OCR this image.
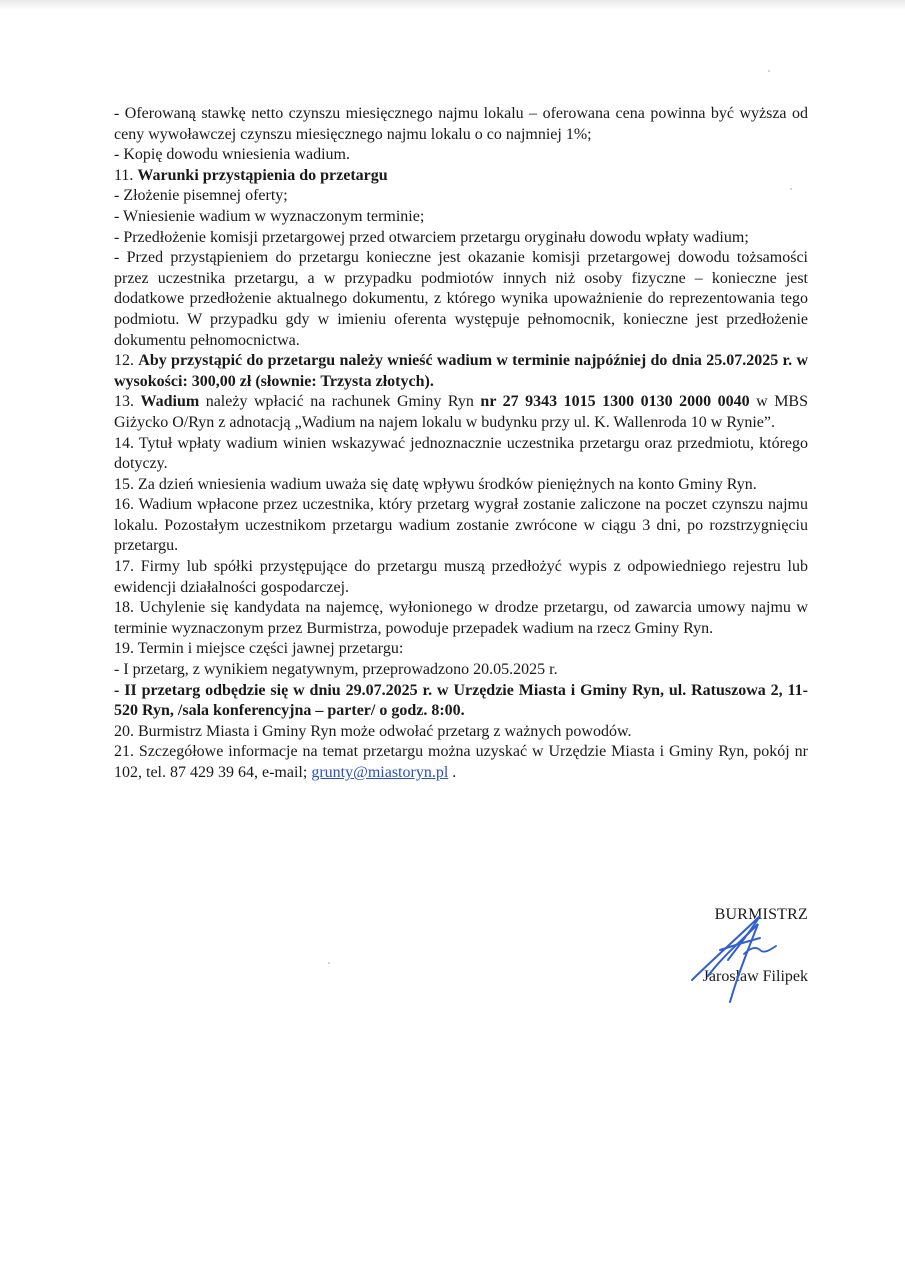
- Oferowaną stawkę netto czynszu miesięcznego najmu lokalu – oferowana cena powinna być wyższa od ceny wywoławczej czynszu miesięcznego najmu lokalu o co najmniej 1%;

- Kopię dowodu wniesienia wadium.

11. Warunki przystąpienia do przetargu

- Złożenie pisemnej oferty;

- Wniesienie wadium w wyznaczonym terminie;

- Przedłożenie komisji przetargowej przed otwarciem przetargu oryginału dowodu wpłaty wadium;

- Przed przystąpieniem do przetargu konieczne jest okazanie komisji przetargowej dowodu tożsamości przez uczestnika przetargu, a w przypadku podmiotów innych niż osoby fizyczne – konieczne jest dodatkowe przedłożenie aktualnego dokumentu, z którego wynika upoważnienie do reprezentowania tego podmiotu. W przypadku gdy w imieniu oferenta występuje pełnomocnik, konieczne jest przedłożenie dokumentu pełnomocnictwa.

12. Aby przystąpić do przetargu należy wnieść wadium w terminie najpóźniej do dnia 25.07.2025 r. w wysokości: 300,00 zł (słownie: Trzysta złotych).

13. Wadium należy wpłacić na rachunek Gminy Ryn nr 27 9343 1015 1300 0130 2000 0040 w MBS Giżycko O/Ryn z adnotacją „Wadium na najem lokalu w budynku przy ul. K. Wallenroda 10 w Rynie”.

14. Tytuł wpłaty wadium winien wskazywać jednoznacznie uczestnika przetargu oraz przedmiotu, którego dotyczy.

15. Za dzień wniesienia wadium uważa się datę wpływu środków pieniężnych na konto Gminy Ryn.

16. Wadium wpłacone przez uczestnika, który przetarg wygrał zostanie zaliczone na poczet czynszu najmu lokalu. Pozostałym uczestnikom przetargu wadium zostanie zwrócone w ciągu 3 dni, po rozstrzygnięciu przetargu.

17. Firmy lub spółki przystępujące do przetargu muszą przedłożyć wypis z odpowiedniego rejestru lub ewidencji działalności gospodarczej.

18. Uchylenie się kandydata na najemcę, wyłonionego w drodze przetargu, od zawarcia umowy najmu w terminie wyznaczonym przez Burmistrza, powoduje przepadek wadium na rzecz Gminy Ryn.

19. Termin i miejsce części jawnej przetargu:

- I przetarg, z wynikiem negatywnym, przeprowadzono 20.05.2025 r.

- II przetarg odbędzie się w dniu 29.07.2025 r. w Urzędzie Miasta i Gminy Ryn, ul. Ratuszowa 2, 11-520 Ryn, /sala konferencyjna – parter/ o godz. 8:00.

20. Burmistrz Miasta i Gminy Ryn może odwołać przetarg z ważnych powodów.

21. Szczegółowe informacje na temat przetargu można uzyskać w Urzędzie Miasta i Gminy Ryn, pokój nr 102, tel. 87 429 39 64, e-mail; grunty@miastoryn.pl .

BURMISTRZ
Jarosław Filipek
